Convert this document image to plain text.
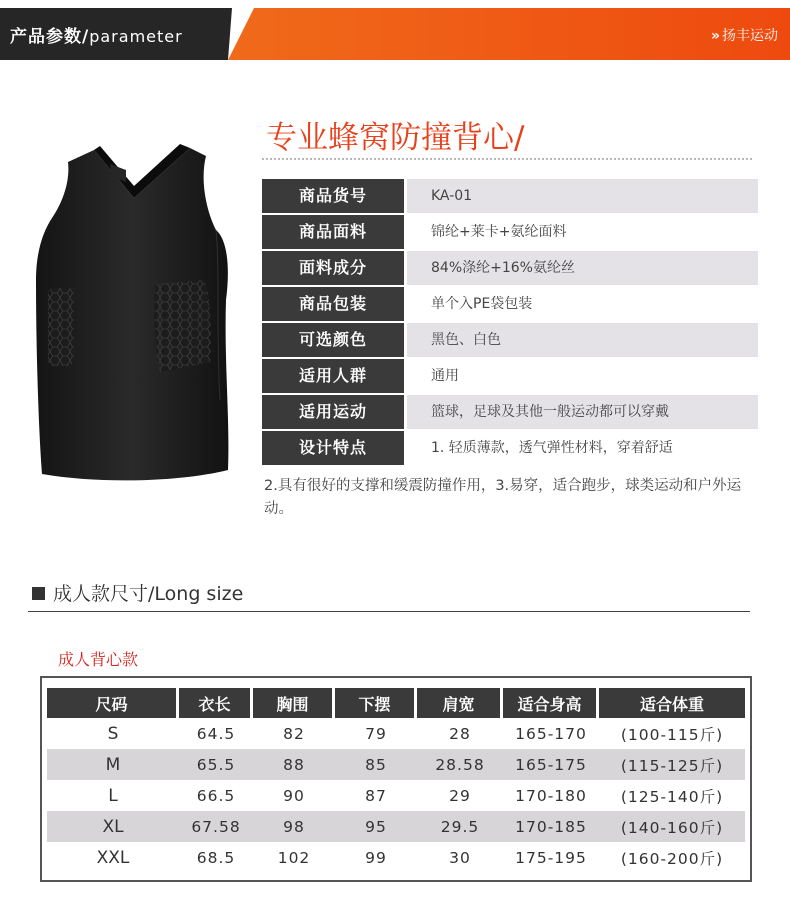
产品参数/parameter	» 扬丰运动
专业蜂窝防撞背心/
商品货号	KA-01
商品面料	锦纶+莱卡+氨纶面料
面料成分	84%涤纶+16%氨纶丝
商品包装	单个入PE袋包装
可选颜色	黑色、白色
适用人群	通用
适用运动	篮球，足球及其他一般运动都可以穿戴
设计特点	1. 轻质薄款，透气弹性材料，穿着舒适
2.具有很好的支撑和缓震防撞作用，3.易穿，适合跑步，球类运动和户外运动。
成人款尺寸/Long size
成人背心款
尺码	衣长	胸围	下摆	肩宽	适合身高	适合体重
S	64.5	82	79	28	165-170	(100-115斤)
M	65.5	88	85	28.58	165-175	(115-125斤)
L	66.5	90	87	29	170-180	(125-140斤)
XL	67.58	98	95	29.5	170-185	(140-160斤)
XXL	68.5	102	99	30	175-195	(160-200斤)
